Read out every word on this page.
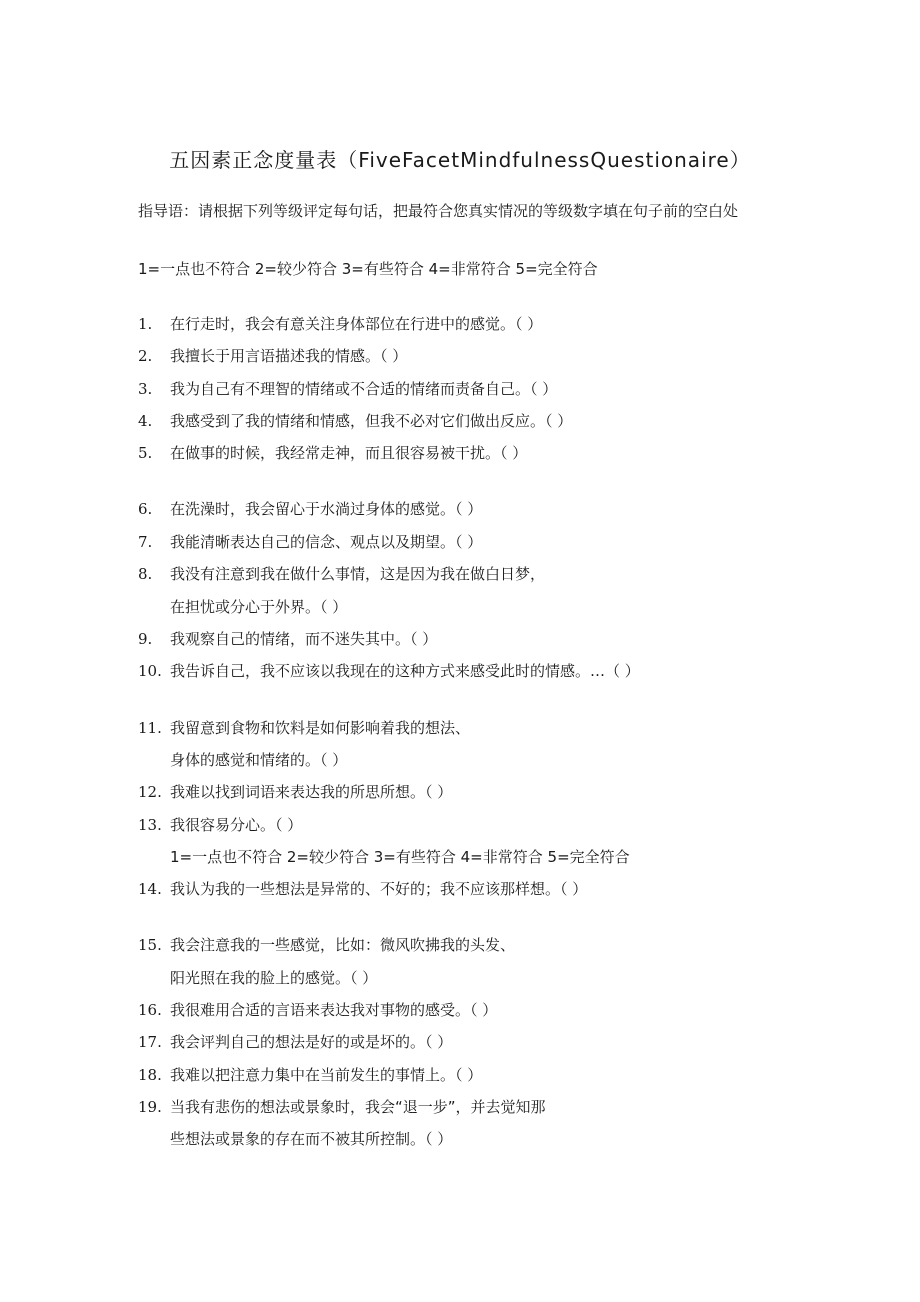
五因素正念度量表（FiveFacetMindfulnessQuestionaire）
指导语：请根据下列等级评定每句话，把最符合您真实情况的等级数字填在句子前的空白处
1=一点也不符合 2=较少符合 3=有些符合 4=非常符合 5=完全符合
1. 在行走时，我会有意关注身体部位在行进中的感觉。（ ）
2. 我擅长于用言语描述我的情感。（ ）
3. 我为自己有不理智的情绪或不合适的情绪而责备自己。（ ）
4. 我感受到了我的情绪和情感，但我不必对它们做出反应。（ ）
5. 在做事的时候，我经常走神，而且很容易被干扰。（ ）
6. 在洗澡时，我会留心于水淌过身体的感觉。（ ）
7. 我能清晰表达自己的信念、观点以及期望。（ ）
8. 我没有注意到我在做什么事情，这是因为我在做白日梦，
在担忧或分心于外界。（ ）
9. 我观察自己的情绪，而不迷失其中。（ ）
10. 我告诉自己，我不应该以我现在的这种方式来感受此时的情感。…（ ）
11. 我留意到食物和饮料是如何影响着我的想法、
身体的感觉和情绪的。（ ）
12. 我难以找到词语来表达我的所思所想。（ ）
13. 我很容易分心。（ ）
1=一点也不符合 2=较少符合 3=有些符合 4=非常符合 5=完全符合
14. 我认为我的一些想法是异常的、不好的；我不应该那样想。（ ）
15. 我会注意我的一些感觉，比如：微风吹拂我的头发、
阳光照在我的脸上的感觉。（ ）
16. 我很难用合适的言语来表达我对事物的感受。（ ）
17. 我会评判自己的想法是好的或是坏的。（ ）
18. 我难以把注意力集中在当前发生的事情上。（ ）
19. 当我有悲伤的想法或景象时，我会“退一步”，并去觉知那
些想法或景象的存在而不被其所控制。（ ）
